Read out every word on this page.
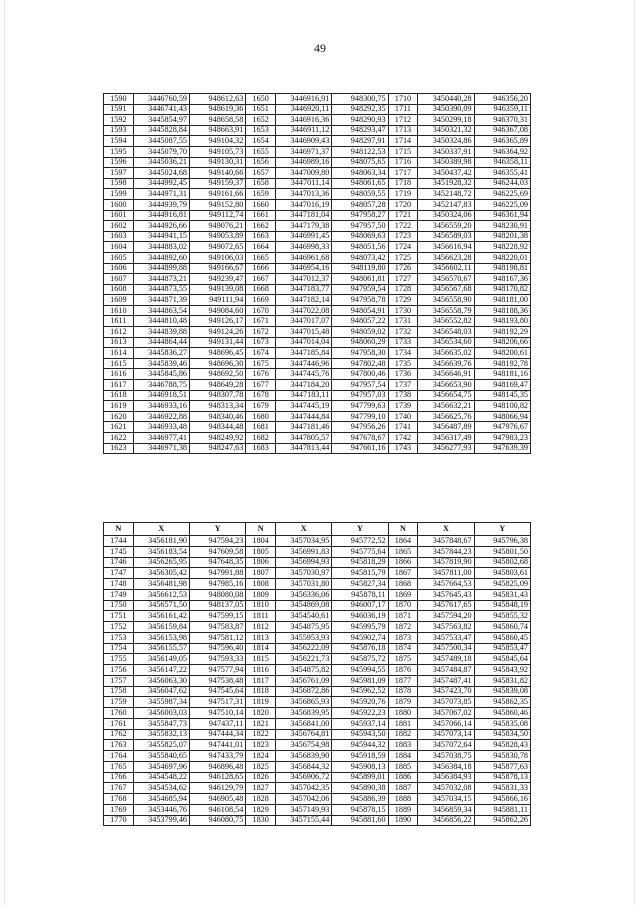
49
1590	3446760,59	948612,63	1650	3446916,91	948300,75	1710	3450440,28	946356,20
1591	3446741,43	948619,36	1651	3446920,11	948292,35	1711	3450390,09	946359,11
1592	3445854,97	948658,58	1652	3446916,36	948290,93	1712	3450299,18	946370,31
1593	3445828,84	948663,91	1653	3446911,12	948293,47	1713	3450321,32	946367,08
1594	3445087,55	949104,32	1654	3446909,43	948297,91	1714	3450324,86	946365,89
1595	3445079,70	949105,73	1655	3446971,37	948122,53	1715	3450337,91	946364,92
1596	3445036,21	949130,31	1656	3446989,16	948075,65	1716	3450389,98	946358,11
1597	3445024,68	949140,66	1657	3447009,80	948063,34	1717	3450437,42	946355,41
1598	3444992,45	949159,37	1658	3447011,14	948061,65	1718	3451928,32	946244,03
1599	3444971,31	949161,66	1659	3447013,36	948059,55	1719	3452148,72	946225,69
1600	3444939,79	949152,80	1660	3447016,19	948057,28	1720	3452147,83	946225,09
1601	3444916,81	949112,74	1661	3447181,04	947958,27	1721	3450324,06	946361,94
1602	3444926,66	949076,21	1662	3447179,38	947957,50	1722	3456559,20	948230,91
1603	3444941,15	949053,89	1663	3446991,45	948069,63	1723	3456589,03	948201,38
1604	3444883,02	949072,65	1664	3446998,33	948051,56	1724	3456616,94	948228,92
1605	3444892,60	949106,03	1665	3446961,68	948073,42	1725	3456623,28	948220,01
1606	3444899,88	949166,67	1666	3446954,16	948119,80	1726	3456602,11	948198,81
1607	3444873,21	949239,47	1667	3447012,37	948061,81	1727	3456570,67	948167,36
1608	3444873,55	949139,08	1668	3447183,77	947959,54	1728	3456567,68	948170,82
1609	3444871,39	949111,94	1669	3447182,14	947958,78	1729	3456558,90	948181,00
1610	3444863,54	949084,60	1670	3447022,08	948054,91	1730	3456558,79	948188,36
1611	3444810,48	949126,17	1671	3447017,07	948057,22	1731	3456552,82	948193,80
1612	3444839,88	949124,26	1672	3447015,48	948059,02	1732	3456548,03	948192,29
1613	3444864,44	949131,44	1673	3447014,04	948060,29	1733	3456534,60	948206,66
1614	3445836,27	948696,45	1674	3447185,84	947958,30	1734	3456635,02	948200,61
1615	3445839,46	948696,30	1675	3447446,96	947802,48	1735	3456639,76	948192,78
1616	3445845,86	948692,50	1676	3447445,76	947800,46	1736	3456646,91	948181,16
1617	3446788,75	948649,28	1677	3447184,20	947957,54	1737	3456653,90	948169,47
1618	3446918,51	948307,78	1678	3447183,11	947957,03	1738	3456654,75	948145,35
1619	3446933,16	948313,34	1679	3447445,19	947799,63	1739	3456632,21	948100,82
1620	3446922,88	948340,46	1680	3447444,84	947799,10	1740	3456625,76	948066,94
1621	3446933,48	948344,48	1681	3447181,46	947956,26	1741	3456487,89	947976,67
1622	3446977,41	948249,92	1682	3447805,57	947678,67	1742	3456317,49	947983,23
1623	3446971,38	948247,63	1683	3447813,44	947661,16	1743	3456277,93	947639,39
N	X	Y	N	X	Y	N	X	Y
1744	3456181,90	947594,23	1804	3457034,95	945772,52	1864	3457848,67	945796,38
1745	3456183,54	947609,58	1805	3456991,83	945775,64	1865	3457844,23	945801,50
1746	3456265,95	947648,35	1806	3456994,93	945818,29	1866	3457819,90	945802,68
1747	3456305,42	947991,88	1807	3457030,97	945815,79	1867	3457811,00	945803,61
1748	3456481,98	947985,16	1808	3457031,80	945827,34	1868	3457664,53	945825,09
1749	3456612,53	948080,08	1809	3456336,06	945878,11	1869	3457645,43	945831,43
1750	3456571,50	948137,05	1810	3454869,08	946007,17	1870	3457617,65	945848,19
1751	3456161,42	947599,15	1811	3454540,61	946036,19	1871	3457594,20	945855,32
1752	3456159,84	947583,87	1812	3454875,95	945995,79	1872	3457563,82	945860,74
1753	3456153,98	947581,12	1813	3455953,93	945902,74	1873	3457533,47	945860,45
1754	3456155,57	947596,40	1814	3456222,09	945876,18	1874	3457500,34	945853,47
1755	3456149,05	947593,33	1815	3456221,73	945875,72	1875	3457489,18	945845,64
1756	3456147,22	947577,94	1816	3454875,82	945994,55	1876	3457484,87	945843,92
1757	3456063,30	947538,48	1817	3456761,09	945981,09	1877	3457487,41	945831,82
1758	3456047,62	947545,64	1818	3456872,86	945962,52	1878	3457423,70	945839,08
1759	3455987,34	947517,31	1819	3456865,93	945920,76	1879	3457073,85	945862,35
1760	3456003,03	947510,14	1820	3456839,95	945922,23	1880	3457067,02	945860,46
1761	3455847,73	947437,11	1821	3456841,00	945937,14	1881	3457066,14	945835,08
1762	3455832,13	947444,34	1822	3456764,81	945943,50	1882	3457073,14	945834,50
1763	3455825,07	947441,01	1823	3456754,98	945944,32	1883	3457072,64	945828,43
1764	3455840,65	947433,79	1824	3456839,90	945918,59	1884	3457038,75	945830,78
1765	3454697,96	946896,48	1825	3456844,32	945908,13	1885	3456384,18	945877,63
1766	3454548,22	946128,65	1826	3456906,72	945899,01	1886	3456384,93	945878,13
1767	3454534,62	946129,79	1827	3457042,35	945890,38	1887	3457032,08	945831,33
1768	3454685,94	946905,48	1828	3457042,06	945886,39	1888	3457034,15	945866,16
1769	3453446,76	946108,54	1829	3457149,93	945878,15	1889	3456859,34	945881,11
1770	3453799,46	946080,75	1830	3457155,44	945881,60	1890	3456856,22	945862,26
